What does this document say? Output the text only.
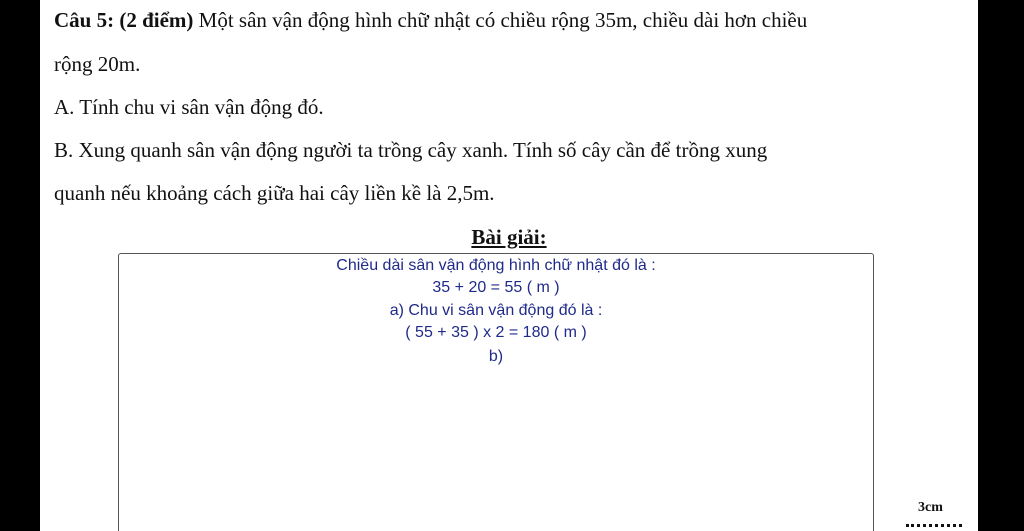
Câu 5: (2 điểm) Một sân vận động hình chữ nhật có chiều rộng 35m, chiều dài hơn chiều
rộng 20m.
A. Tính chu vi sân vận động đó.
B. Xung quanh sân vận động người ta trồng cây xanh. Tính số cây cần để trồng xung
quanh nếu khoảng cách giữa hai cây liền kề là 2,5m.
Bài giải:
Chiều dài sân vận động hình chữ nhật đó là :
35 + 20 = 55 ( m )
a) Chu vi sân vận động đó là :
( 55 + 35 ) x 2 = 180 ( m )
b)
3cm
